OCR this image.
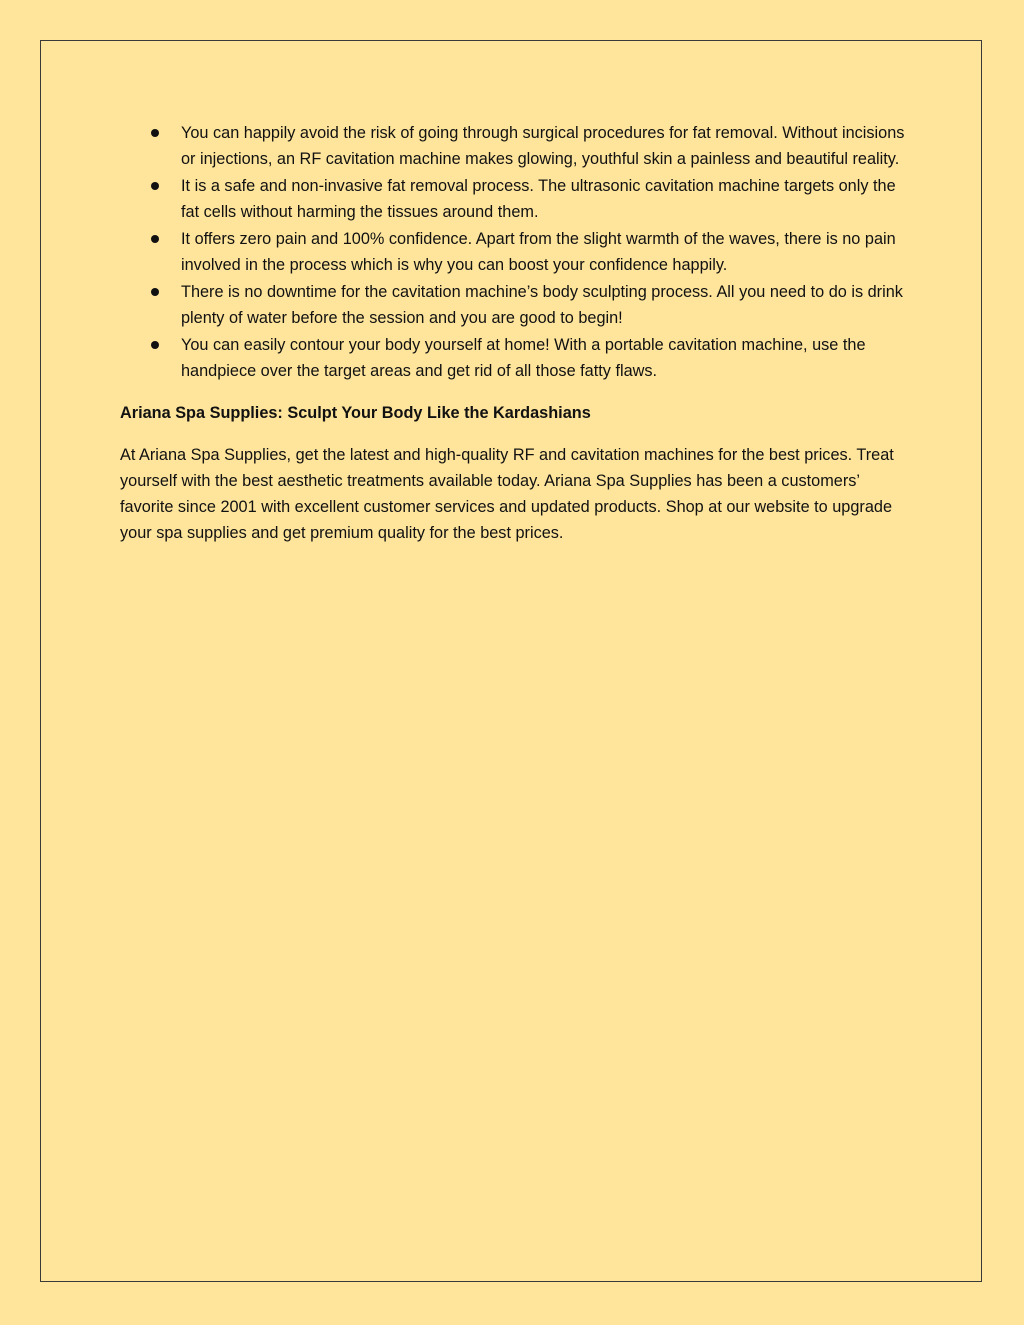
You can happily avoid the risk of going through surgical procedures for fat removal. Without incisions or injections, an RF cavitation machine makes glowing, youthful skin a painless and beautiful reality.
It is a safe and non-invasive fat removal process. The ultrasonic cavitation machine targets only the fat cells without harming the tissues around them.
It offers zero pain and 100% confidence. Apart from the slight warmth of the waves, there is no pain involved in the process which is why you can boost your confidence happily.
There is no downtime for the cavitation machine’s body sculpting process. All you need to do is drink plenty of water before the session and you are good to begin!
You can easily contour your body yourself at home! With a portable cavitation machine, use the handpiece over the target areas and get rid of all those fatty flaws.
Ariana Spa Supplies: Sculpt Your Body Like the Kardashians

At Ariana Spa Supplies, get the latest and high-quality RF and cavitation machines for the best prices. Treat yourself with the best aesthetic treatments available today. Ariana Spa Supplies has been a customers’ favorite since 2001 with excellent customer services and updated products. Shop at our website to upgrade your spa supplies and get premium quality for the best prices.
